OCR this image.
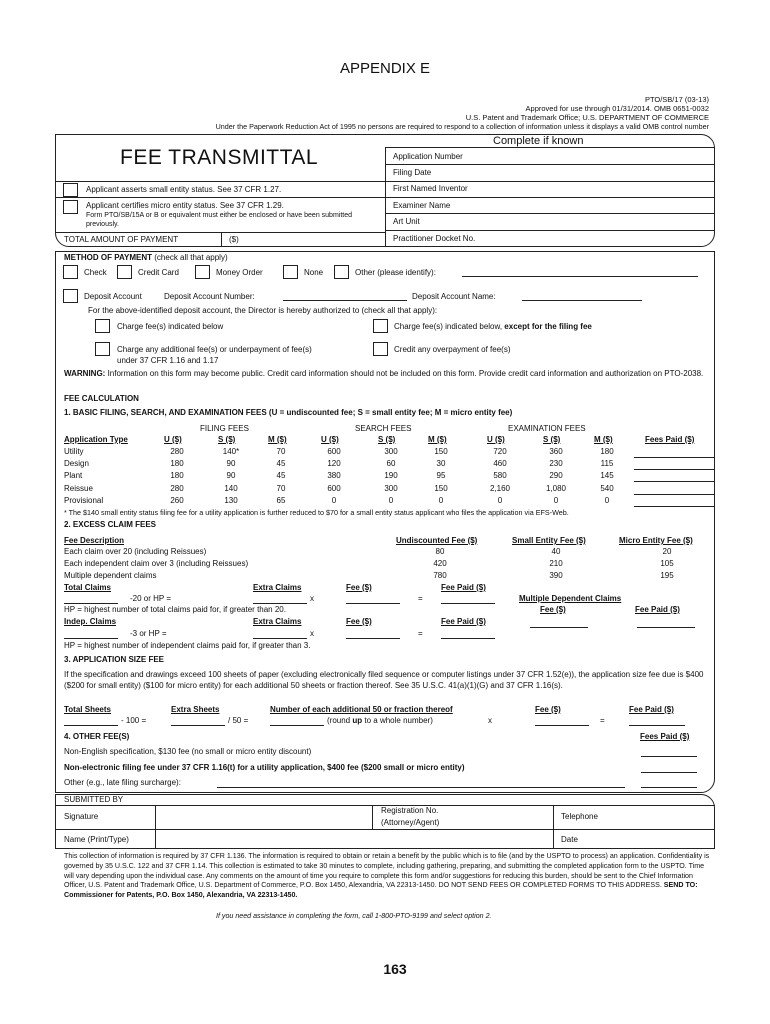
APPENDIX E
PTO/SB/17 (03-13)
Approved for use through 01/31/2014. OMB 0651-0032
U.S. Patent and Trademark Office; U.S. DEPARTMENT OF COMMERCE
Under the Paperwork Reduction Act of 1995 no persons are required to respond to a collection of information unless it displays a valid OMB control number
FEE TRANSMITTAL
Complete if known
Application Number
Filing Date
First Named Inventor
Examiner Name
Art Unit
Practitioner Docket No.
Applicant asserts small entity status. See 37 CFR 1.27.
Applicant certifies micro entity status. See 37 CFR 1.29.
Form PTO/SB/15A or B or equivalent must either be enclosed or have been submitted previously.
TOTAL AMOUNT OF PAYMENT	($)
METHOD OF PAYMENT (check all that apply)
Check	Credit Card	Money Order	None	Other (please identify):
Deposit Account	Deposit Account Number:	Deposit Account Name:
For the above-identified deposit account, the Director is hereby authorized to (check all that apply):
Charge fee(s) indicated below	Charge fee(s) indicated below, except for the filing fee
Charge any additional fee(s) or underpayment of fee(s)
under 37 CFR 1.16 and 1.17
Credit any overpayment of fee(s)
WARNING: Information on this form may become public. Credit card information should not be included on this form. Provide credit card information and authorization on PTO-2038.
FEE CALCULATION
1. BASIC FILING, SEARCH, AND EXAMINATION FEES (U = undiscounted fee; S = small entity fee; M = micro entity fee)
FILING FEES	SEARCH FEES	EXAMINATION FEES
Application Type	U ($)	S ($)	M ($)	U ($)	S ($)	M ($)	U ($)	S ($)	M ($)	Fees Paid ($)
Utility	280	140*	70	600	300	150	720	360	180
Design	180	90	45	120	60	30	460	230	115
Plant	180	90	45	380	190	95	580	290	145
Reissue	280	140	70	600	300	150	2,160	1,080	540
Provisional	260	130	65	0	0	0	0	0	0
* The $140 small entity status filing fee for a utility application is further reduced to $70 for a small entity status applicant who files the application via EFS-Web.
2. EXCESS CLAIM FEES
Fee Description	Undiscounted Fee ($)	Small Entity Fee ($)	Micro Entity Fee ($)
Each claim over 20 (including Reissues)	80	40	20
Each independent claim over 3 (including Reissues)	420	210	105
Multiple dependent claims	780	390	195
Total Claims	Extra Claims	Fee ($)	Fee Paid ($)
-20 or HP =	x	=	Multiple Dependent Claims
HP = highest number of total claims paid for, if greater than 20.	Fee ($)	Fee Paid ($)
Indep. Claims	Extra Claims	Fee ($)	Fee Paid ($)
-3 or HP =	x	=
HP = highest number of independent claims paid for, if greater than 3.
3. APPLICATION SIZE FEE
If the specification and drawings exceed 100 sheets of paper (excluding electronically filed sequence or computer listings under 37 CFR 1.52(e)), the application size fee due is $400 ($200 for small entity) ($100 for micro entity) for each additional 50 sheets or fraction thereof. See 35 U.S.C. 41(a)(1)(G) and 37 CFR 1.16(s).
Total Sheets	Extra Sheets	Number of each additional 50 or fraction thereof	Fee ($)	Fee Paid ($)
- 100 =	/ 50 =	(round up to a whole number)	x	=
4. OTHER FEE(S)	Fees Paid ($)
Non-English specification, $130 fee (no small or micro entity discount)
Non-electronic filing fee under 37 CFR 1.16(t) for a utility application, $400 fee ($200 small or micro entity)
Other (e.g., late filing surcharge):
SUBMITTED BY
Signature
Registration No.
(Attorney/Agent)
Telephone
Name (Print/Type)	Date
This collection of information is required by 37 CFR 1.136. The information is required to obtain or retain a benefit by the public which is to file (and by the USPTO to process) an application. Confidentiality is governed by 35 U.S.C. 122 and 37 CFR 1.14. This collection is estimated to take 30 minutes to complete, including gathering, preparing, and submitting the completed application form to the USPTO. Time will vary depending upon the individual case. Any comments on the amount of time you require to complete this form and/or suggestions for reducing this burden, should be sent to the Chief Information Officer, U.S. Patent and Trademark Office, U.S. Department of Commerce, P.O. Box 1450, Alexandria, VA 22313-1450. DO NOT SEND FEES OR COMPLETED FORMS TO THIS ADDRESS. SEND TO: Commissioner for Patents, P.O. Box 1450, Alexandria, VA 22313-1450.
If you need assistance in completing the form, call 1-800-PTO-9199 and select option 2.
163
